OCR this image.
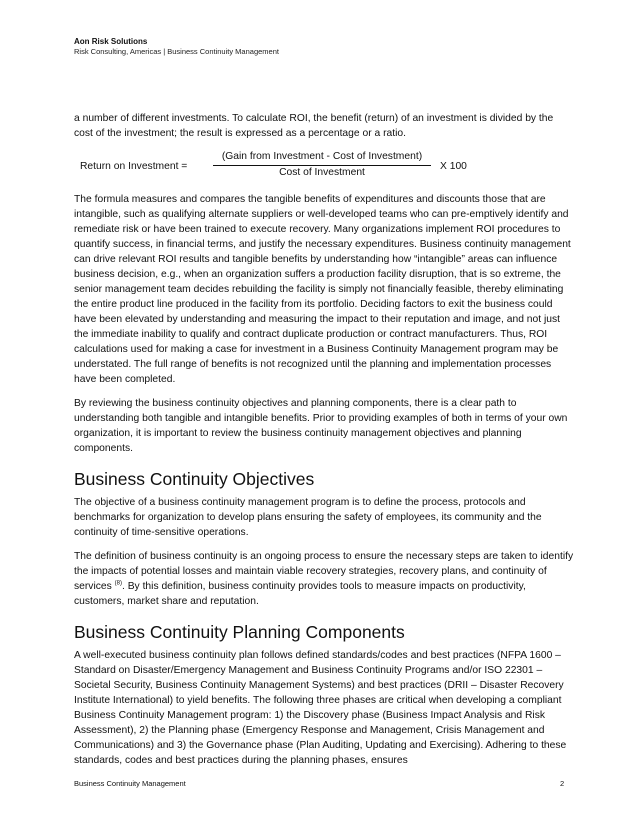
Aon Risk Solutions
Risk Consulting, Americas | Business Continuity Management

a number of different investments. To calculate ROI, the benefit (return) of an investment is divided by the cost of the investment; the result is expressed as a percentage or a ratio.

Return on Investment =
(Gain from Investment - Cost of Investment)
Cost of Investment
X 100

The formula measures and compares the tangible benefits of expenditures and discounts those that are intangible, such as qualifying alternate suppliers or well-developed teams who can pre-emptively identify and remediate risk or have been trained to execute recovery. Many organizations implement ROI procedures to quantify success, in financial terms, and justify the necessary expenditures. Business continuity management can drive relevant ROI results and tangible benefits by understanding how “intangible” areas can influence business decision, e.g., when an organization suffers a production facility disruption, that is so extreme, the senior management team decides rebuilding the facility is simply not financially feasible, thereby eliminating the entire product line produced in the facility from its portfolio. Deciding factors to exit the business could have been elevated by understanding and measuring the impact to their reputation and image, and not just the immediate inability to qualify and contract duplicate production or contract manufacturers. Thus, ROI calculations used for making a case for investment in a Business Continuity Management program may be understated. The full range of benefits is not recognized until the planning and implementation processes have been completed.

By reviewing the business continuity objectives and planning components, there is a clear path to understanding both tangible and intangible benefits. Prior to providing examples of both in terms of your own organization, it is important to review the business continuity management objectives and planning components.

Business Continuity Objectives

The objective of a business continuity management program is to define the process, protocols and benchmarks for organization to develop plans ensuring the safety of employees, its community and the continuity of time-sensitive operations.

The definition of business continuity is an ongoing process to ensure the necessary steps are taken to identify the impacts of potential losses and maintain viable recovery strategies, recovery plans, and continuity of services $^{(8)}$. By this definition, business continuity provides tools to measure impacts on productivity, customers, market share and reputation.

Business Continuity Planning Components

A well-executed business continuity plan follows defined standards/codes and best practices (NFPA 1600 – Standard on Disaster/Emergency Management and Business Continuity Programs and/or ISO 22301 – Societal Security, Business Continuity Management Systems) and best practices (DRII – Disaster Recovery Institute International) to yield benefits. The following three phases are critical when developing a compliant Business Continuity Management program: 1) the Discovery phase (Business Impact Analysis and Risk Assessment), 2) the Planning phase (Emergency Response and Management, Crisis Management and Communications) and 3) the Governance phase (Plan Auditing, Updating and Exercising). Adhering to these standards, codes and best practices during the planning phases, ensures

Business Continuity Management	2
